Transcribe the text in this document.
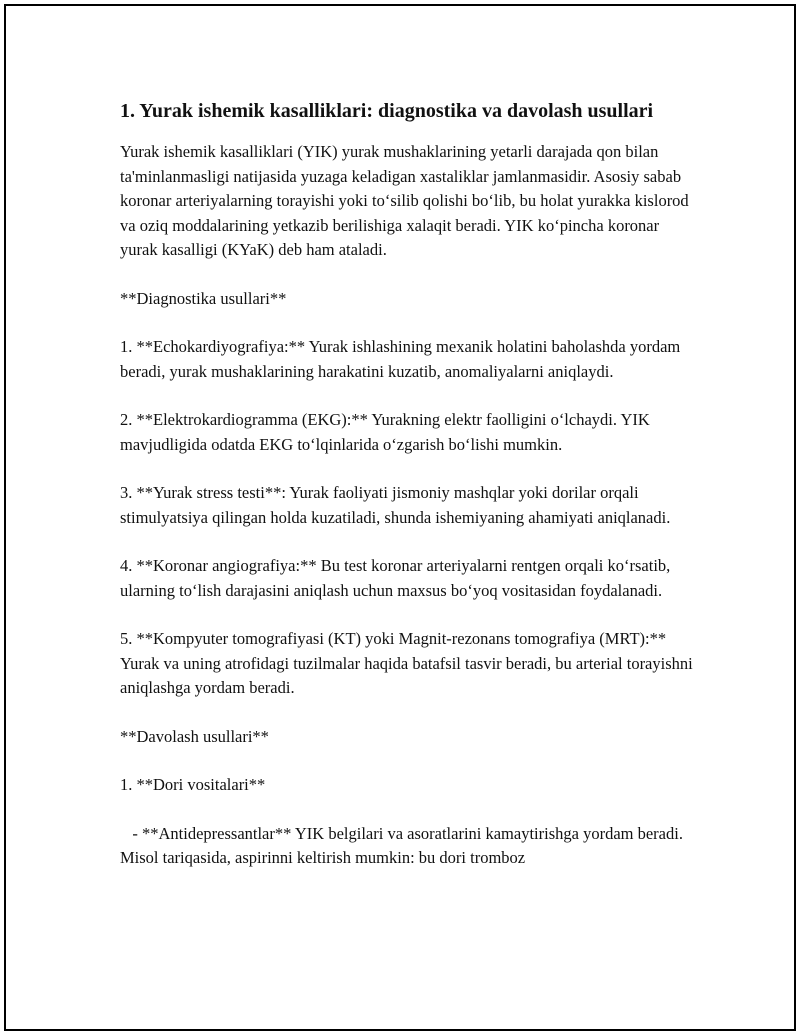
1. Yurak ishemik kasalliklari: diagnostika va davolash usullari

Yurak ishemik kasalliklari (YIK) yurak mushaklarining yetarli darajada qon bilan ta'minlanmasligi natijasida yuzaga keladigan xastaliklar jamlanmasidir. Asosiy sabab koronar arteriyalarning torayishi yoki to‘silib qolishi bo‘lib, bu holat yurakka kislorod va oziq moddalarining yetkazib berilishiga xalaqit beradi. YIK ko‘pincha koronar yurak kasalligi (KYaK) deb ham ataladi.

**Diagnostika usullari**

1. **Echokardiyografiya:** Yurak ishlashining mexanik holatini baholashda yordam beradi, yurak mushaklarining harakatini kuzatib, anomaliyalarni aniqlaydi.

2. **Elektrokardiogramma (EKG):** Yurakning elektr faolligini o‘lchaydi. YIK mavjudligida odatda EKG to‘lqinlarida o‘zgarish bo‘lishi mumkin.

3. **Yurak stress testi**: Yurak faoliyati jismoniy mashqlar yoki dorilar orqali stimulyatsiya qilingan holda kuzatiladi, shunda ishemiyaning ahamiyati aniqlanadi.

4. **Koronar angiografiya:** Bu test koronar arteriyalarni rentgen orqali ko‘rsatib, ularning to‘lish darajasini aniqlash uchun maxsus bo‘yoq vositasidan foydalanadi.

5. **Kompyuter tomografiyasi (KT) yoki Magnit-rezonans tomografiya (MRT):** Yurak va uning atrofidagi tuzilmalar haqida batafsil tasvir beradi, bu arterial torayishni aniqlashga yordam beradi.

**Davolash usullari**

1. **Dori vositalari**

- **Antidepressantlar** YIK belgilari va asoratlarini kamaytirishga yordam beradi. Misol tariqasida, aspirinni keltirish mumkin: bu dori tromboz
